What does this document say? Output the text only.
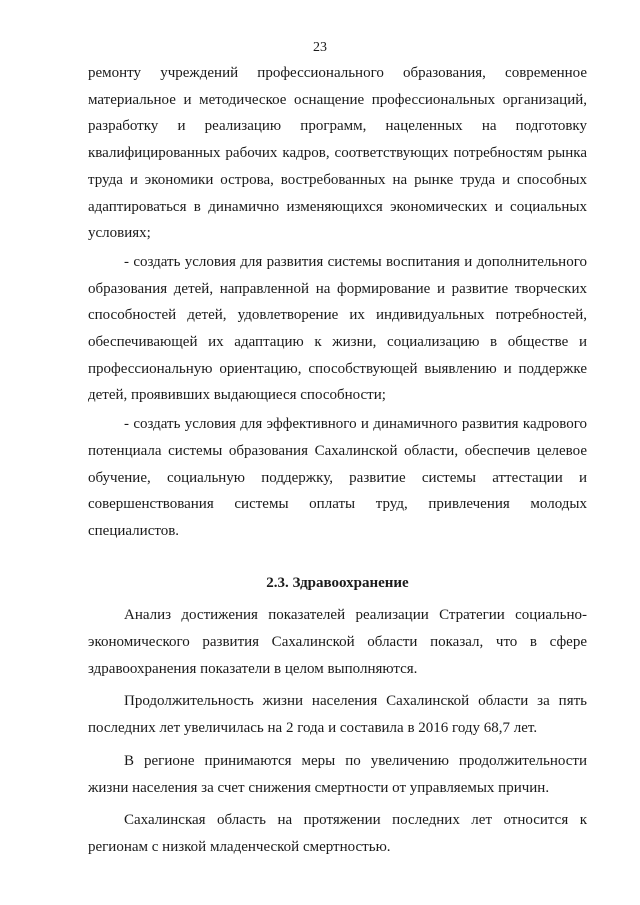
23

ремонту учреждений профессионального образования, современное материальное и методическое оснащение профессиональных организаций, разработку и реализацию программ, нацеленных на подготовку квалифицированных рабочих кадров, соответствующих потребностям рынка труда и экономики острова, востребованных на рынке труда и способных адаптироваться в динамично изменяющихся экономических и социальных условиях;

- создать условия для развития системы воспитания и дополнительного образования детей, направленной на формирование и развитие творческих способностей детей, удовлетворение их индивидуальных потребностей, обеспечивающей их адаптацию к жизни, социализацию в обществе и профессиональную ориентацию, способствующей выявлению и поддержке детей, проявивших выдающиеся способности;

- создать условия для эффективного и динамичного развития кадрового потенциала системы образования Сахалинской области, обеспечив целевое обучение, социальную поддержку, развитие системы аттестации и совершенствования системы оплаты труд, привлечения молодых специалистов.

2.3. Здравоохранение

Анализ достижения показателей реализации Стратегии социально-экономического развития Сахалинской области показал, что в сфере здравоохранения показатели в целом выполняются.

Продолжительность жизни населения Сахалинской области за пять последних лет увеличилась на 2 года и составила в 2016 году 68,7 лет.

В регионе принимаются меры по увеличению продолжительности жизни населения за счет снижения смертности от управляемых причин.

Сахалинская область на протяжении последних лет относится к регионам с низкой младенческой смертностью.
